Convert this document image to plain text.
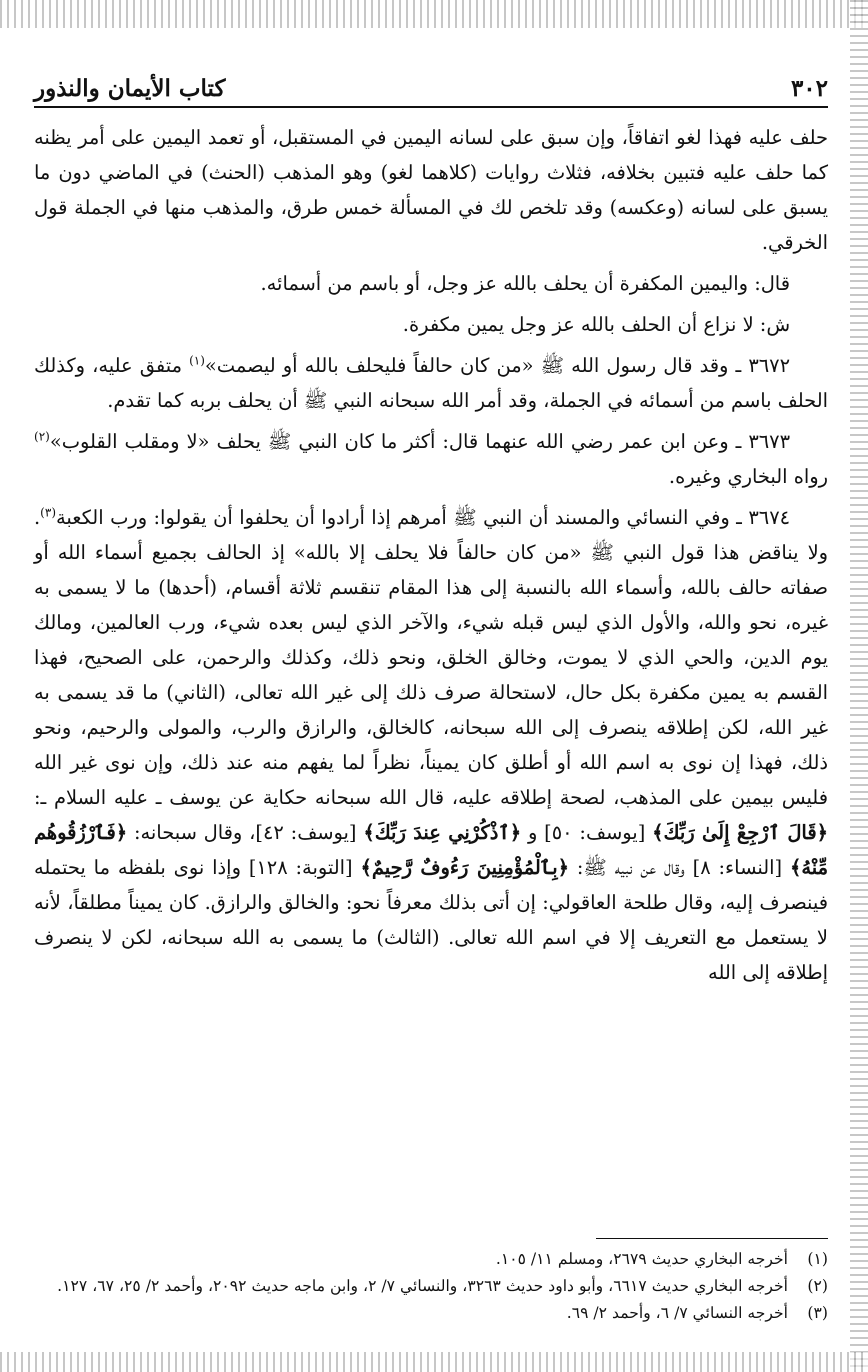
٣٠٢
كتاب الأيمان والنذور

حلف عليه فهذا لغو اتفاقاً، وإن سبق على لسانه اليمين في المستقبل، أو تعمد اليمين على أمر يظنه كما حلف عليه فتبين بخلافه، فثلاث روايات (كلاهما لغو) وهو المذهب (الحنث) في الماضي دون ما يسبق على لسانه (وعكسه) وقد تلخص لك في المسألة خمس طرق، والمذهب منها في الجملة قول الخرقي.

قال: واليمين المكفرة أن يحلف بالله عز وجل، أو باسم من أسمائه.

ش: لا نزاع أن الحلف بالله عز وجل يمين مكفرة.

٣٦٧٢ ـ وقد قال رسول الله ﷺ «من كان حالفاً فليحلف بالله أو ليصمت»$^{(١)}$ متفق عليه، وكذلك الحلف باسم من أسمائه في الجملة، وقد أمر الله سبحانه النبي ﷺ أن يحلف بربه كما تقدم.

٣٦٧٣ ـ وعن ابن عمر رضي الله عنهما قال: أكثر ما كان النبي ﷺ يحلف «لا ومقلب القلوب»$^{(٢)}$ رواه البخاري وغيره.

٣٦٧٤ ـ وفي النسائي والمسند أن النبي ﷺ أمرهم إذا أرادوا أن يحلفوا أن يقولوا: ورب الكعبة$^{(٣)}$. ولا يناقض هذا قول النبي ﷺ «من كان حالفاً فلا يحلف إلا بالله» إذ الحالف بجميع أسماء الله أو صفاته حالف بالله، وأسماء الله بالنسبة إلى هذا المقام تنقسم ثلاثة أقسام، (أحدها) ما لا يسمى به غيره، نحو والله، والأول الذي ليس قبله شيء، والآخر الذي ليس بعده شيء، ورب العالمين، ومالك يوم الدين، والحي الذي لا يموت، وخالق الخلق، ونحو ذلك، وكذلك والرحمن، على الصحيح، فهذا القسم به يمين مكفرة بكل حال، لاستحالة صرف ذلك إلى غير الله تعالى، (الثاني) ما قد يسمى به غير الله، لكن إطلاقه ينصرف إلى الله سبحانه، كالخالق، والرازق والرب، والمولى والرحيم، ونحو ذلك، فهذا إن نوى به اسم الله أو أطلق كان يميناً، نظراً لما يفهم منه عند ذلك، وإن نوى غير الله فليس بيمين على المذهب، لصحة إطلاقه عليه، قال الله سبحانه حكاية عن يوسف ـ عليه السلام ـ: ﴿قَالَ ٱرْجِعْ إِلَىٰ رَبِّكَ﴾ [يوسف: ٥٠] و ﴿ٱذْكُرْنِي عِندَ رَبِّكَ﴾ [يوسف: ٤٢]، وقال سبحانه: ﴿فَٱرْزُقُوهُم مِّنْهُ﴾ [النساء: ٨] وقال عن نبيه ﷺ: ﴿بِٱلْمُؤْمِنِينَ رَءُوفٌ رَّحِيمٌ﴾ [التوبة: ١٢٨] وإذا نوى بلفظه ما يحتمله فينصرف إليه، وقال طلحة العاقولي: إن أتى بذلك معرفاً نحو: والخالق والرازق. كان يميناً مطلقاً، لأنه لا يستعمل مع التعريف إلا في اسم الله تعالى. (الثالث) ما يسمى به الله سبحانه، لكن لا ينصرف إطلاقه إلى الله

(١)
أخرجه البخاري حديث ٢٦٧٩، ومسلم ١١/ ١٠٥.
(٢)
أخرجه البخاري حديث ٦٦١٧، وأبو داود حديث ٣٢٦٣، والنسائي ٧/ ٢، وابن ماجه حديث ٢٠٩٢، وأحمد ٢/ ٢٥، ٦٧، ١٢٧.
(٣)
أخرجه النسائي ٧/ ٦، وأحمد ٢/ ٦٩.
